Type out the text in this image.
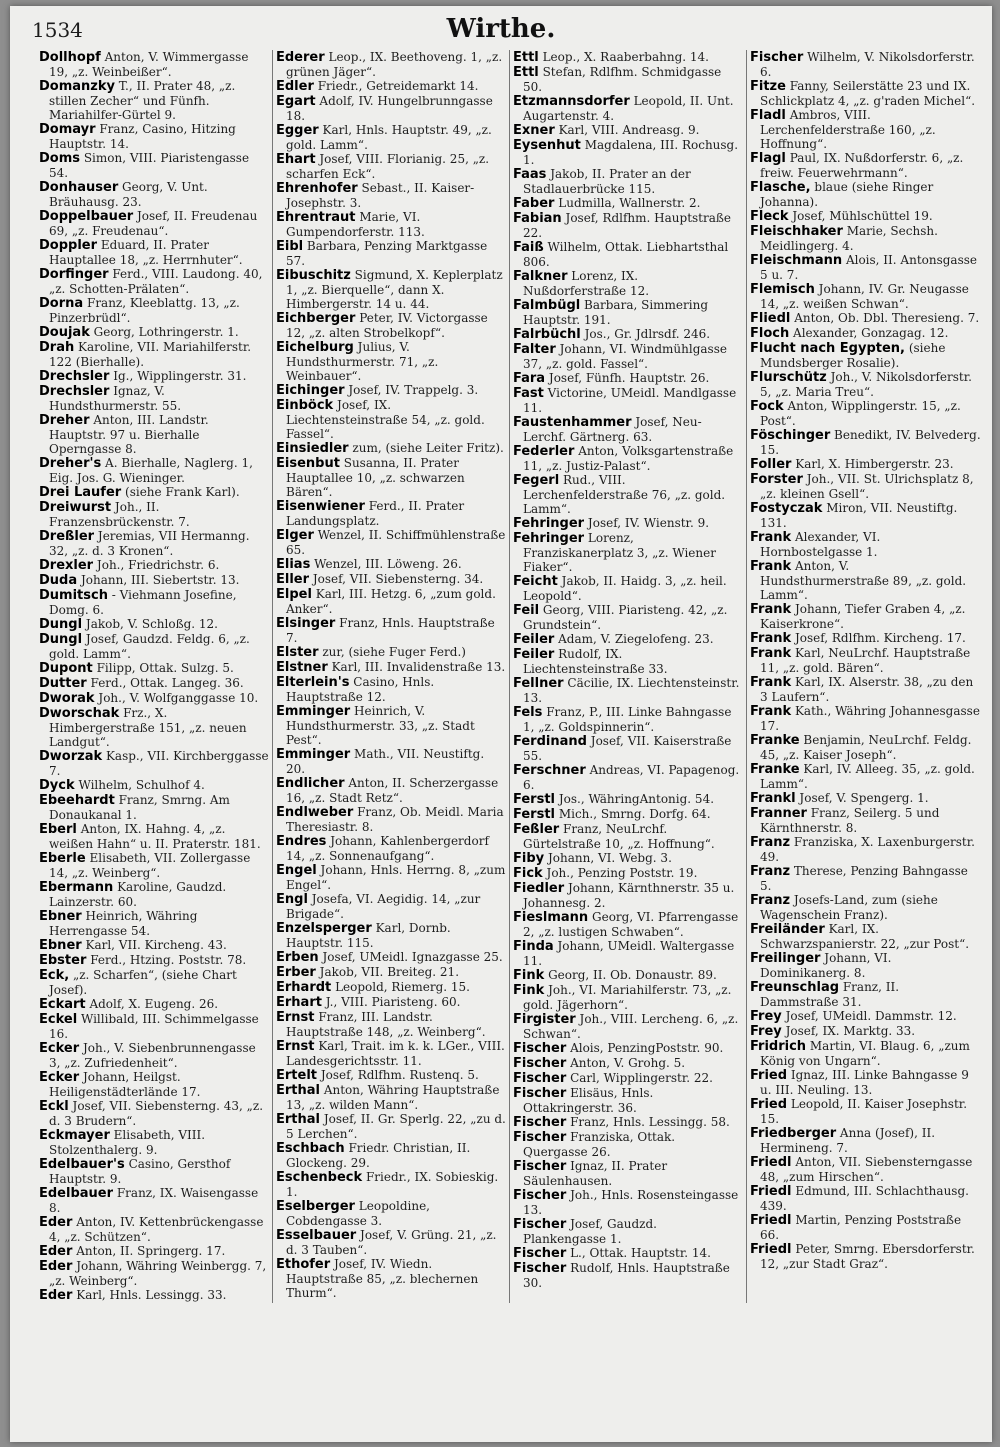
1534	Wirthe.

Dollhopf Anton, V. Wimmergasse 19, „z. Weinbeißer“.

Domanzky T., II. Prater 48, „z. stillen Zecher“ und Fünfh. Mariahilfer-Gürtel 9.

Domayr Franz, Casino, Hitzing Hauptstr. 14.

Doms Simon, VIII. Piaristengasse 54.

Donhauser Georg, V. Unt. Bräuhausg. 23.

Doppelbauer Josef, II. Freudenau 69, „z. Freudenau“.

Doppler Eduard, II. Prater Hauptallee 18, „z. Herrnhuter“.

Dorfinger Ferd., VIII. Laudong. 40, „z. Schotten-Prälaten“.

Dorna Franz, Kleeblattg. 13, „z. Pinzerbrüdl“.

Doujak Georg, Lothringerstr. 1.

Drah Karoline, VII. Mariahilferstr. 122 (Bierhalle).

Drechsler Ig., Wipplingerstr. 31.

Drechsler Ignaz, V. Hundsthurmerstr. 55.

Dreher Anton, III. Landstr. Hauptstr. 97 u. Bierhalle Operngasse 8.

Dreher's A. Bierhalle, Naglerg. 1, Eig. Jos. G. Wieninger.

Drei Laufer (siehe Frank Karl).

Dreiwurst Joh., II. Franzensbrückenstr. 7.

Dreßler Jeremias, VII Hermanng. 32, „z. d. 3 Kronen“.

Drexler Joh., Friedrichstr. 6.

Duda Johann, III. Siebertstr. 13.

Dumitsch - Viehmann Josefine, Domg. 6.

Dungl Jakob, V. Schloßg. 12.

Dungl Josef, Gaudzd. Feldg. 6, „z. gold. Lamm“.

Dupont Filipp, Ottak. Sulzg. 5.

Dutter Ferd., Ottak. Langeg. 36.

Dworak Joh., V. Wolfganggasse 10.

Dworschak Frz., X. Himbergerstraße 151, „z. neuen Landgut“.

Dworzak Kasp., VII. Kirchberggasse 7.

Dyck Wilhelm, Schulhof 4.

Ebeehardt Franz, Smrng. Am Donaukanal 1.

Eberl Anton, IX. Hahng. 4, „z. weißen Hahn“ u. II. Praterstr. 181.

Eberle Elisabeth, VII. Zollergasse 14, „z. Weinberg“.

Ebermann Karoline, Gaudzd. Lainzerstr. 60.

Ebner Heinrich, Währing Herrengasse 54.

Ebner Karl, VII. Kircheng. 43.

Ebster Ferd., Htzing. Poststr. 78.

Eck, „z. Scharfen“, (siehe Chart Josef).

Eckart Adolf, X. Eugeng. 26.

Eckel Willibald, III. Schimmelgasse 16.

Ecker Joh., V. Siebenbrunnengasse 3, „z. Zufriedenheit“.

Ecker Johann, Heilgst. Heiligenstädterlände 17.

Eckl Josef, VII. Siebensterng. 43, „z. d. 3 Brudern“.

Eckmayer Elisabeth, VIII. Stolzenthalerg. 9.

Edelbauer's Casino, Gersthof Hauptstr. 9.

Edelbauer Franz, IX. Waisengasse 8.

Eder Anton, IV. Kettenbrückengasse 4, „z. Schützen“.

Eder Anton, II. Springerg. 17.

Eder Johann, Währing Weinbergg. 7, „z. Weinberg“.

Eder Karl, Hnls. Lessingg. 33.

Ederer Leop., IX. Beethoveng. 1, „z. grünen Jäger“.

Edler Friedr., Getreidemarkt 14.

Egart Adolf, IV. Hungelbrunngasse 18.

Egger Karl, Hnls. Hauptstr. 49, „z. gold. Lamm“.

Ehart Josef, VIII. Florianig. 25, „z. scharfen Eck“.

Ehrenhofer Sebast., II. Kaiser-Josephstr. 3.

Ehrentraut Marie, VI. Gumpendorferstr. 113.

Eibl Barbara, Penzing Marktgasse 57.

Eibuschitz Sigmund, X. Keplerplatz 1, „z. Bierquelle“, dann X. Himbergerstr. 14 u. 44.

Eichberger Peter, IV. Victorgasse 12, „z. alten Strobelkopf“.

Eichelburg Julius, V. Hundsthurmerstr. 71, „z. Weinbauer“.

Eichinger Josef, IV. Trappelg. 3.

Einböck Josef, IX. Liechtensteinstraße 54, „z. gold. Fassel“.

Einsiedler zum, (siehe Leiter Fritz).

Eisenbut Susanna, II. Prater Hauptallee 10, „z. schwarzen Bären“.

Eisenwiener Ferd., II. Prater Landungsplatz.

Elger Wenzel, II. Schiffmühlenstraße 65.

Elias Wenzel, III. Löweng. 26.

Eller Josef, VII. Siebensterng. 34.

Elpel Karl, III. Hetzg. 6, „zum gold. Anker“.

Elsinger Franz, Hnls. Hauptstraße 7.

Elster zur, (siehe Fuger Ferd.)

Elstner Karl, III. Invalidenstraße 13.

Elterlein's Casino, Hnls. Hauptstraße 12.

Emminger Heinrich, V. Hundsthurmerstr. 33, „z. Stadt Pest“.

Emminger Math., VII. Neustiftg. 20.

Endlicher Anton, II. Scherzergasse 16, „z. Stadt Retz“.

Endlweber Franz, Ob. Meidl. Maria Theresiastr. 8.

Endres Johann, Kahlenbergerdorf 14, „z. Sonnenaufgang“.

Engel Johann, Hnls. Herrng. 8, „zum Engel“.

Engl Josefa, VI. Aegidig. 14, „zur Brigade“.

Enzelsperger Karl, Dornb. Hauptstr. 115.

Erben Josef, UMeidl. Ignazgasse 25.

Erber Jakob, VII. Breiteg. 21.

Erhardt Leopold, Riemerg. 15.

Erhart J., VIII. Piaristeng. 60.

Ernst Franz, III. Landstr. Hauptstraße 148, „z. Weinberg“.

Ernst Karl, Trait. im k. k. LGer., VIII. Landesgerichtsstr. 11.

Ertelt Josef, Rdlfhm. Rustenq. 5.

Erthal Anton, Währing Hauptstraße 13, „z. wilden Mann“.

Erthal Josef, II. Gr. Sperlg. 22, „zu d. 5 Lerchen“.

Eschbach Friedr. Christian, II. Glockeng. 29.

Eschenbeck Friedr., IX. Sobieskig. 1.

Eselberger Leopoldine, Cobdengasse 3.

Esselbauer Josef, V. Grüng. 21, „z. d. 3 Tauben“.

Ethofer Josef, IV. Wiedn. Hauptstraße 85, „z. blechernen Thurm“.

Ettl Leop., X. Raaberbahng. 14.

Ettl Stefan, Rdlfhm. Schmidgasse 50.

Etzmannsdorfer Leopold, II. Unt. Augartenstr. 4.

Exner Karl, VIII. Andreasg. 9.

Eysenhut Magdalena, III. Rochusg. 1.

Faas Jakob, II. Prater an der Stadlauerbrücke 115.

Faber Ludmilla, Wallnerstr. 2.

Fabian Josef, Rdlfhm. Hauptstraße 22.

Faiß Wilhelm, Ottak. Liebhartsthal 806.

Falkner Lorenz, IX. Nußdorferstraße 12.

Falmbügl Barbara, Simmering Hauptstr. 191.

Falrbüchl Jos., Gr. Jdlrsdf. 246.

Falter Johann, VI. Windmühlgasse 37, „z. gold. Fassel“.

Fara Josef, Fünfh. Hauptstr. 26.

Fast Victorine, UMeidl. Mandlgasse 11.

Faustenhammer Josef, Neu-Lerchf. Gärtnerg. 63.

Federler Anton, Volksgartenstraße 11, „z. Justiz-Palast“.

Fegerl Rud., VIII. Lerchenfelderstraße 76, „z. gold. Lamm“.

Fehringer Josef, IV. Wienstr. 9.

Fehringer Lorenz, Franziskanerplatz 3, „z. Wiener Fiaker“.

Feicht Jakob, II. Haidg. 3, „z. heil. Leopold“.

Feil Georg, VIII. Piaristeng. 42, „z. Grundstein“.

Feiler Adam, V. Ziegelofeng. 23.

Feiler Rudolf, IX. Liechtensteinstraße 33.

Fellner Cäcilie, IX. Liechtensteinstr. 13.

Fels Franz, P., III. Linke Bahngasse 1, „z. Goldspinnerin“.

Ferdinand Josef, VII. Kaiserstraße 55.

Ferschner Andreas, VI. Papagenog. 6.

Ferstl Jos., WähringAntonig. 54.

Ferstl Mich., Smrng. Dorfg. 64.

Feßler Franz, NeuLrchf. Gürtelstraße 10, „z. Hoffnung“.

Fiby Johann, VI. Webg. 3.

Fick Joh., Penzing Poststr. 19.

Fiedler Johann, Kärnthnerstr. 35 u. Johannesg. 2.

Fieslmann Georg, VI. Pfarrengasse 2, „z. lustigen Schwaben“.

Finda Johann, UMeidl. Waltergasse 11.

Fink Georg, II. Ob. Donaustr. 89.

Fink Joh., VI. Mariahilferstr. 73, „z. gold. Jägerhorn“.

Firgister Joh., VIII. Lercheng. 6, „z. Schwan“.

Fischer Alois, PenzingPoststr. 90.

Fischer Anton, V. Grohg. 5.

Fischer Carl, Wipplingerstr. 22.

Fischer Elisäus, Hnls. Ottakringerstr. 36.

Fischer Franz, Hnls. Lessingg. 58.

Fischer Franziska, Ottak. Quergasse 26.

Fischer Ignaz, II. Prater Säulenhausen.

Fischer Joh., Hnls. Rosensteingasse 13.

Fischer Josef, Gaudzd. Plankengasse 1.

Fischer L., Ottak. Hauptstr. 14.

Fischer Rudolf, Hnls. Hauptstraße 30.

Fischer Wilhelm, V. Nikolsdorferstr. 6.

Fitze Fanny, Seilerstätte 23 und IX. Schlickplatz 4, „z. g'raden Michel“.

Fladl Ambros, VIII. Lerchenfelderstraße 160, „z. Hoffnung“.

Flagl Paul, IX. Nußdorferstr. 6, „z. freiw. Feuerwehrmann“.

Flasche, blaue (siehe Ringer Johanna).

Fleck Josef, Mühlschüttel 19.

Fleischhaker Marie, Sechsh. Meidlingerg. 4.

Fleischmann Alois, II. Antonsgasse 5 u. 7.

Flemisch Johann, IV. Gr. Neugasse 14, „z. weißen Schwan“.

Fliedl Anton, Ob. Dbl. Theresieng. 7.

Floch Alexander, Gonzagag. 12.

Flucht nach Egypten, (siehe Mundsberger Rosalie).

Flurschütz Joh., V. Nikolsdorferstr. 5, „z. Maria Treu“.

Fock Anton, Wipplingerstr. 15, „z. Post“.

Föschinger Benedikt, IV. Belvederg. 15.

Foller Karl, X. Himbergerstr. 23.

Forster Joh., VII. St. Ulrichsplatz 8, „z. kleinen Gsell“.

Fostyczak Miron, VII. Neustiftg. 131.

Frank Alexander, VI. Hornbostelgasse 1.

Frank Anton, V. Hundsthurmerstraße 89, „z. gold. Lamm“.

Frank Johann, Tiefer Graben 4, „z. Kaiserkrone“.

Frank Josef, Rdlfhm. Kircheng. 17.

Frank Karl, NeuLrchf. Hauptstraße 11, „z. gold. Bären“.

Frank Karl, IX. Alserstr. 38, „zu den 3 Laufern“.

Frank Kath., Währing Johannesgasse 17.

Franke Benjamin, NeuLrchf. Feldg. 45, „z. Kaiser Joseph“.

Franke Karl, IV. Alleeg. 35, „z. gold. Lamm“.

Frankl Josef, V. Spengerg. 1.

Franner Franz, Seilerg. 5 und Kärnthnerstr. 8.

Franz Franziska, X. Laxenburgerstr. 49.

Franz Therese, Penzing Bahngasse 5.

Franz Josefs-Land, zum (siehe Wagenschein Franz).

Freiländer Karl, IX. Schwarzspanierstr. 22, „zur Post“.

Freilinger Johann, VI. Dominikanerg. 8.

Freunschlag Franz, II. Dammstraße 31.

Frey Josef, UMeidl. Dammstr. 12.

Frey Josef, IX. Marktg. 33.

Fridrich Martin, VI. Blaug. 6, „zum König von Ungarn“.

Fried Ignaz, III. Linke Bahngasse 9 u. III. Neuling. 13.

Fried Leopold, II. Kaiser Josephstr. 15.

Friedberger Anna (Josef), II. Hermineng. 7.

Friedl Anton, VII. Siebensterngasse 48, „zum Hirschen“.

Friedl Edmund, III. Schlachthausg. 439.

Friedl Martin, Penzing Poststraße 66.

Friedl Peter, Smrng. Ebersdorferstr. 12, „zur Stadt Graz“.
